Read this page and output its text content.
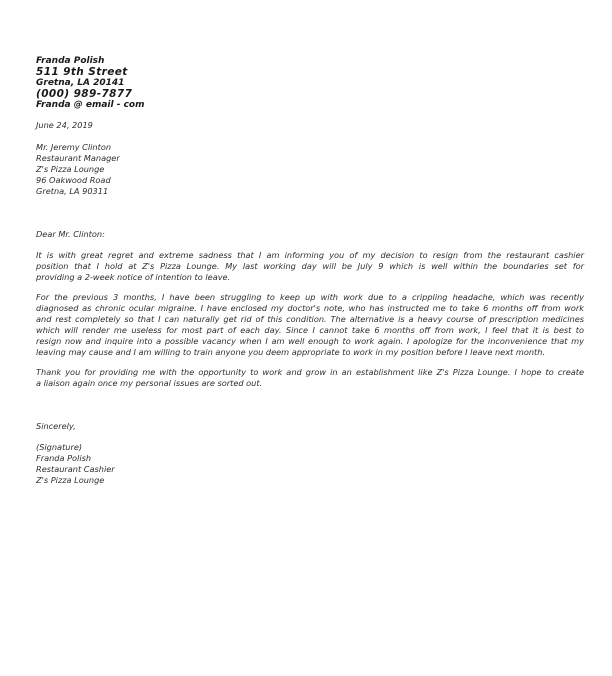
Franda Polish
511 9th Street
Gretna, LA 20141
(000) 989-7877
Franda @ email - com
June 24, 2019
Mr. Jeremy Clinton
Restaurant Manager
Z's Pizza Lounge
96 Oakwood Road
Gretna, LA 90311
Dear Mr. Clinton:
It is with great regret and extreme sadness that I am informing you of my decision to resign from the restaurant cashier
position that I hold at Z's Pizza Lounge. My last working day will be July 9 which is well within the boundaries set for
providing a 2-week notice of intention to leave.
For the previous 3 months, I have been struggling to keep up with work due to a crippling headache, which was recently
diagnosed as chronic ocular migraine. I have enclosed my doctor's note, who has instructed me to take 6 months off from work
and rest completely so that I can naturally get rid of this condition. The alternative is a heavy course of prescription medicines
which will render me useless for most part of each day. Since I cannot take 6 months off from work, I feel that it is best to
resign now and inquire into a possible vacancy when I am well enough to work again. I apologize for the inconvenience that my
leaving may cause and I am willing to train anyone you deem appropriate to work in my position before I leave next month.
Thank you for providing me with the opportunity to work and grow in an establishment like Z's Pizza Lounge. I hope to create
a liaison again once my personal issues are sorted out.
Sincerely,
(Signature)
Franda Polish
Restaurant Cashier
Z's Pizza Lounge
